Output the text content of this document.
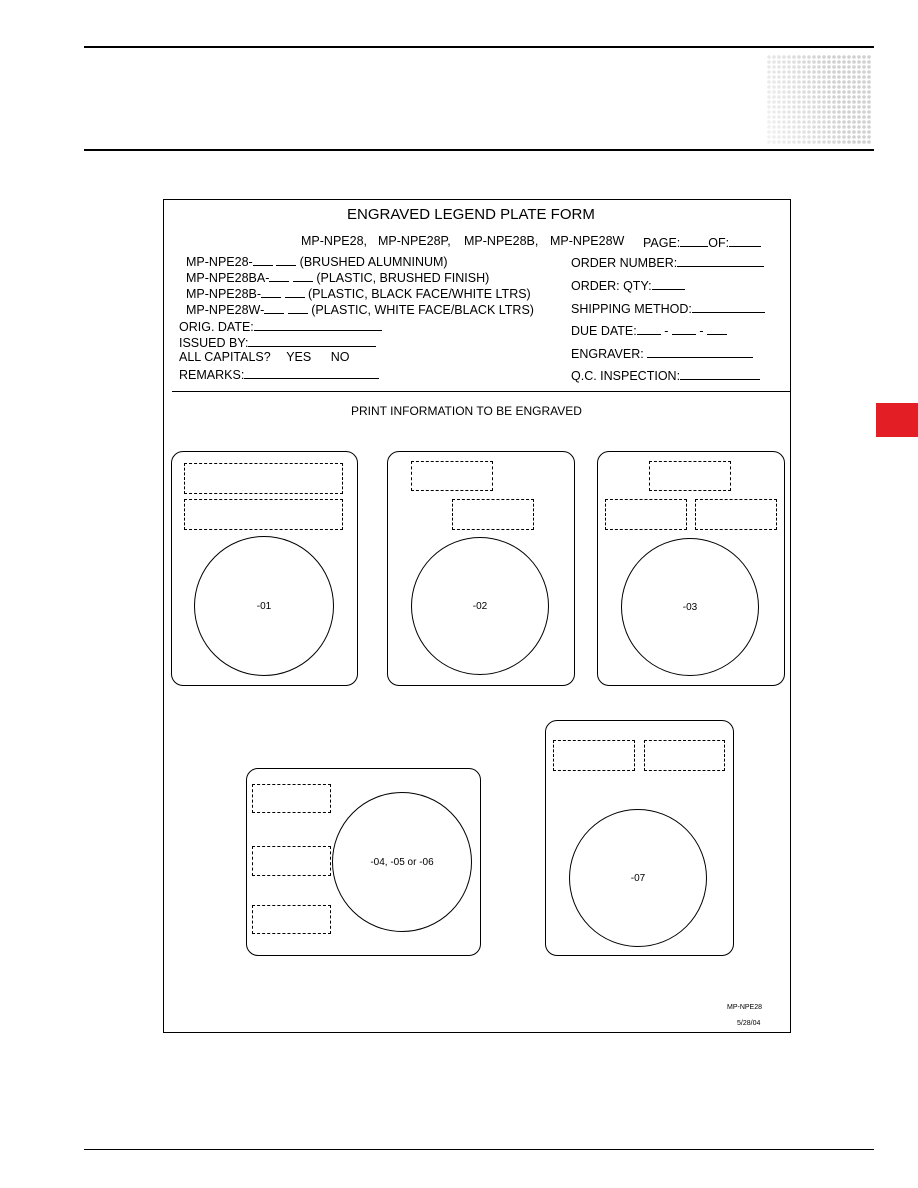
ENGRAVED LEGEND PLATE FORM
MP-NPE28, MP-NPE28P, MP-NPE28B, MP-NPE28W PAGE: OF:
MP-NPE28-	(BRUSHED ALUMNINUM)
MP-NPE28BA-	(PLASTIC, BRUSHED FINISH)
MP-NPE28B-	(PLASTIC, BLACK FACE/WHITE LTRS)
MP-NPE28W-	(PLASTIC, WHITE FACE/BLACK LTRS)
ORIG. DATE:
ISSUED BY:
ALL CAPITALS? YES NO
REMARKS:
ORDER NUMBER:
ORDER: QTY:
SHIPPING METHOD:
DUE DATE: -  -
ENGRAVER:
Q.C. INSPECTION:
PRINT INFORMATION TO BE ENGRAVED
-01	-02	-03
-04, -05 or -06
-07
MP-NPE28
5/28/04
